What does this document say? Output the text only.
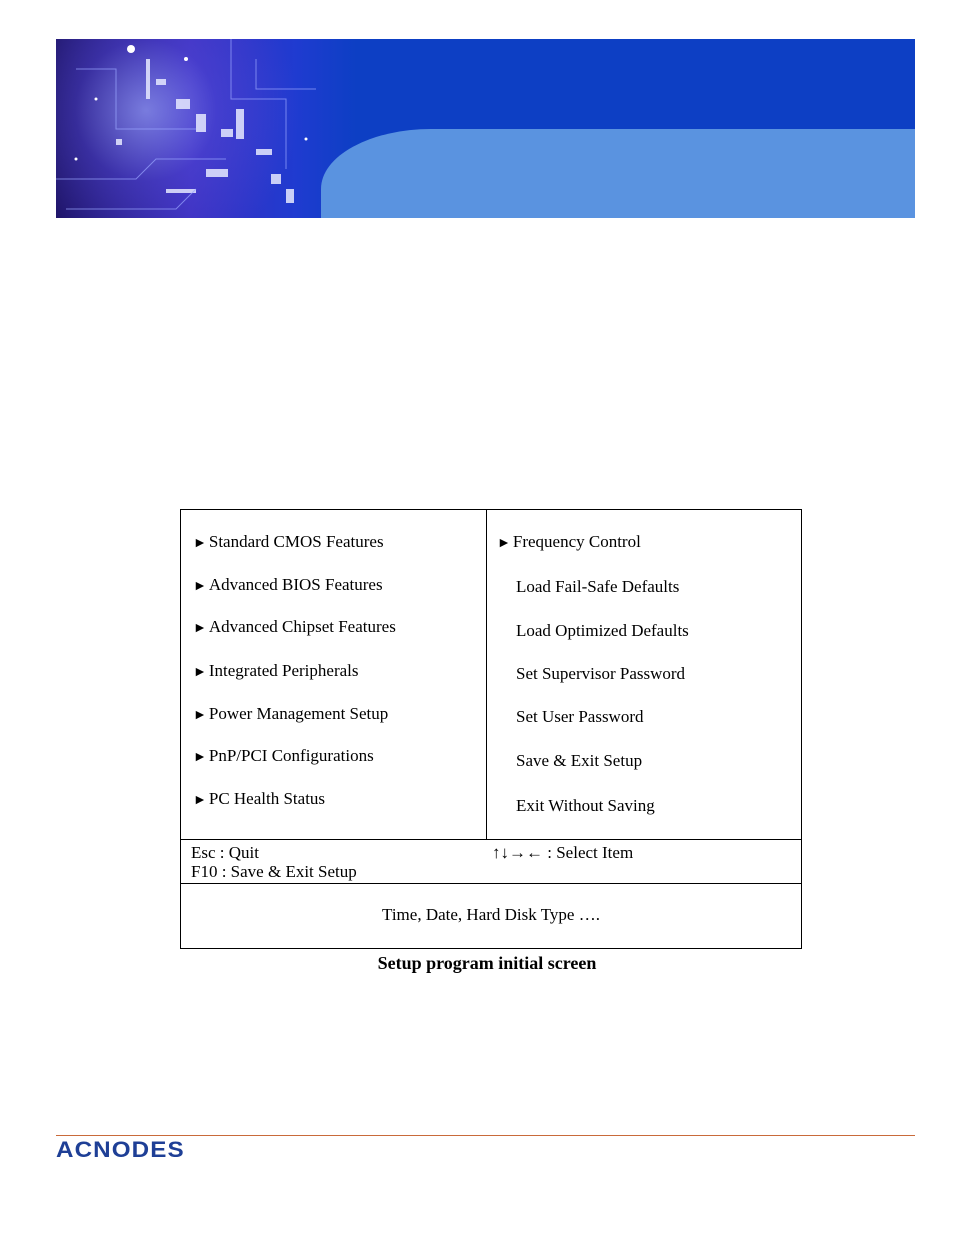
► Standard CMOS Features
► Advanced BIOS Features
► Advanced Chipset Features
► Integrated Peripherals
► Power Management Setup
► PnP/PCI Configurations
► PC Health Status
► Frequency Control
Load Fail-Safe Defaults
Load Optimized Defaults
Set Supervisor Password
Set User Password
Save & Exit Setup
Exit Without Saving
Esc : Quit
F10 : Save & Exit Setup
↑↓→← : Select Item
Time, Date, Hard Disk Type ….
Setup program initial screen
ACNODES
